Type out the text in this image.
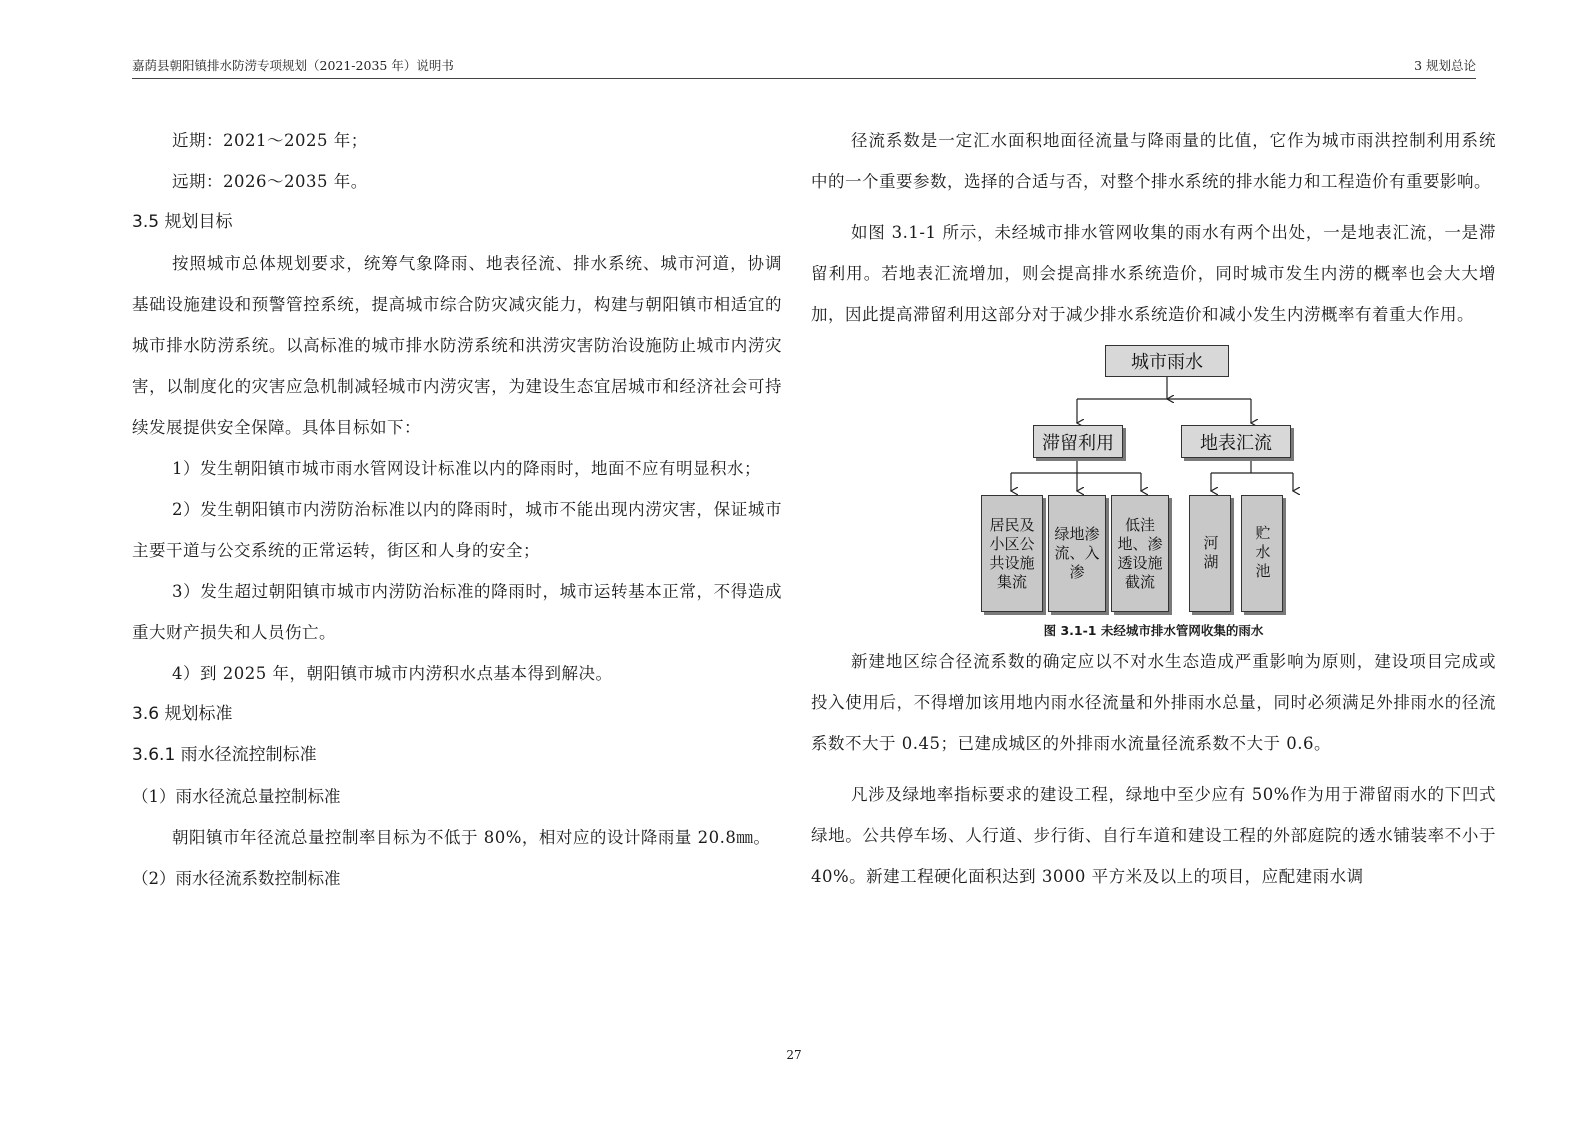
嘉荫县朝阳镇排水防涝专项规划（2021-2035 年）说明书	3 规划总论

近期：2021～2025 年；

远期：2026～2035 年。

3.5 规划目标

按照城市总体规划要求，统筹气象降雨、地表径流、排水系统、城市河道，协调基础设施建设和预警管控系统，提高城市综合防灾减灾能力，构建与朝阳镇市相适宜的城市排水防涝系统。以高标准的城市排水防涝系统和洪涝灾害防治设施防止城市内涝灾害，以制度化的灾害应急机制减轻城市内涝灾害，为建设生态宜居城市和经济社会可持续发展提供安全保障。具体目标如下：

1）发生朝阳镇市城市雨水管网设计标准以内的降雨时，地面不应有明显积水；

2）发生朝阳镇市内涝防治标准以内的降雨时，城市不能出现内涝灾害，保证城市主要干道与公交系统的正常运转，街区和人身的安全；

3）发生超过朝阳镇市城市内涝防治标准的降雨时，城市运转基本正常，不得造成重大财产损失和人员伤亡。

4）到 2025 年，朝阳镇市城市内涝积水点基本得到解决。

3.6 规划标准

3.6.1 雨水径流控制标准

（1）雨水径流总量控制标准

朝阳镇市年径流总量控制率目标为不低于 80%，相对应的设计降雨量 20.8㎜。

（2）雨水径流系数控制标准

径流系数是一定汇水面积地面径流量与降雨量的比值，它作为城市雨洪控制利用系统中的一个重要参数，选择的合适与否，对整个排水系统的排水能力和工程造价有重要影响。

如图 3.1-1 所示，未经城市排水管网收集的雨水有两个出处，一是地表汇流，一是滞留利用。若地表汇流增加，则会提高排水系统造价，同时城市发生内涝的概率也会大大增加，因此提高滞留利用这部分对于减少排水系统造价和减小发生内涝概率有着重大作用。

城市雨水
滞留利用	地表汇流
居民及小区公共设施集流
绿地渗流、入渗
低洼地、渗透设施截流
河湖	贮水池
图 3.1-1 未经城市排水管网收集的雨水

新建地区综合径流系数的确定应以不对水生态造成严重影响为原则，建设项目完成或投入使用后，不得增加该用地内雨水径流量和外排雨水总量，同时必须满足外排雨水的径流系数不大于 0.45；已建成城区的外排雨水流量径流系数不大于 0.6。

凡涉及绿地率指标要求的建设工程，绿地中至少应有 50%作为用于滞留雨水的下凹式绿地。公共停车场、人行道、步行街、自行车道和建设工程的外部庭院的透水铺装率不小于 40%。新建工程硬化面积达到 3000 平方米及以上的项目，应配建雨水调

27
